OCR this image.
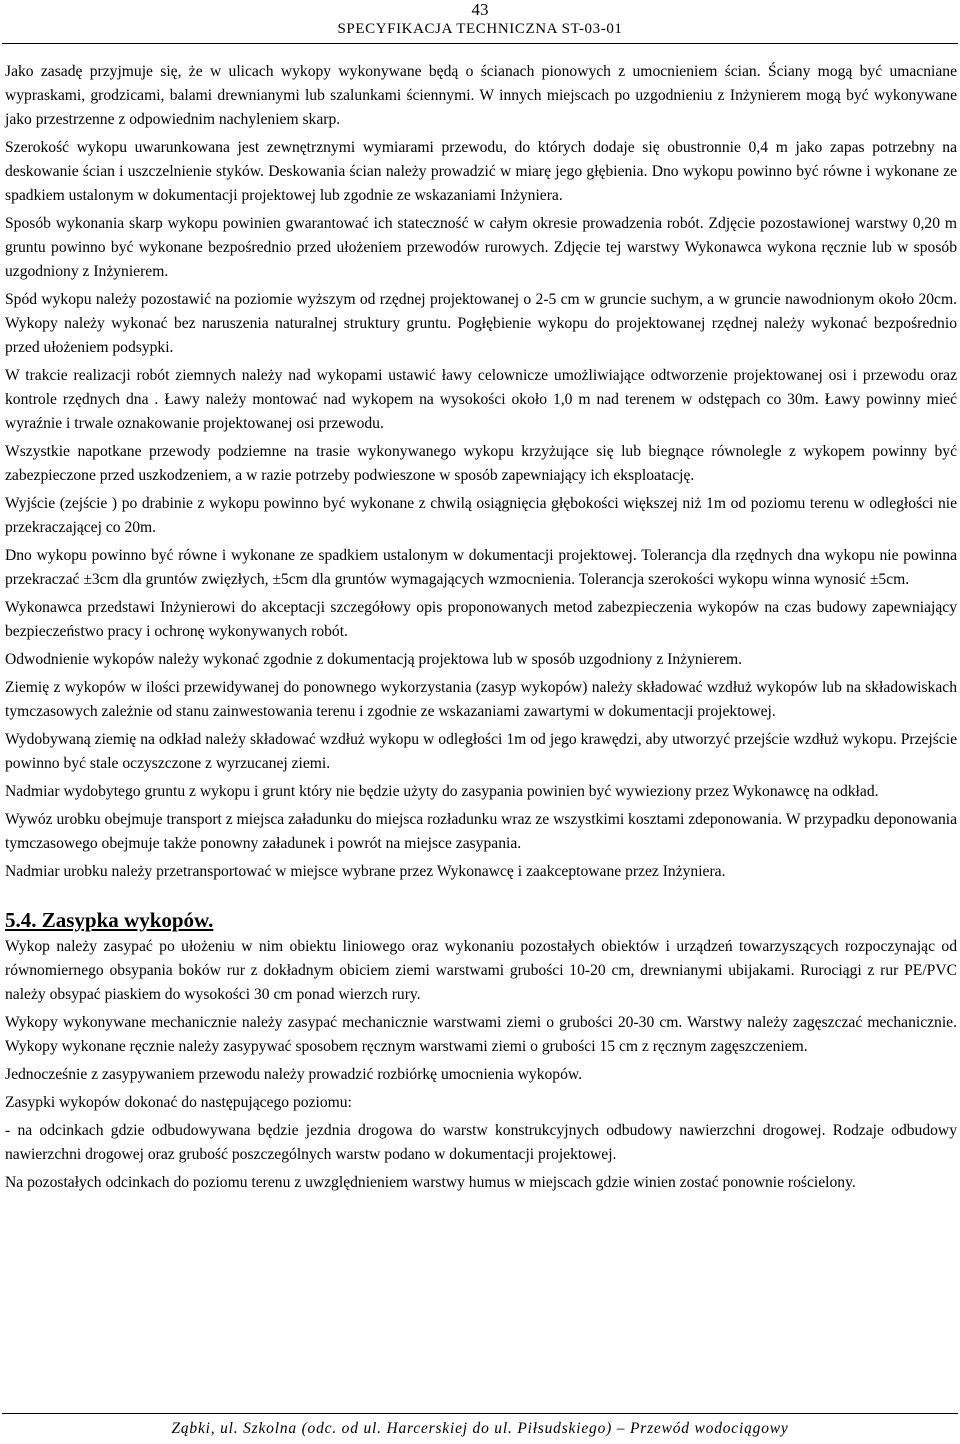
43
SPECYFIKACJA TECHNICZNA ST-03-01

Jako zasadę przyjmuje się, że w ulicach wykopy wykonywane będą o ścianach pionowych z umocnieniem ścian. Ściany mogą być umacniane wypraskami, grodzicami, balami drewnianymi lub szalunkami ściennymi. W innych miejscach po uzgodnieniu z Inżynierem mogą być wykonywane jako przestrzenne z odpowiednim nachyleniem skarp.

Szerokość wykopu uwarunkowana jest zewnętrznymi wymiarami przewodu, do których dodaje się obustronnie 0,4 m jako zapas potrzebny na deskowanie ścian i uszczelnienie styków. Deskowania ścian należy prowadzić w miarę jego głębienia. Dno wykopu powinno być równe i wykonane ze spadkiem ustalonym w dokumentacji projektowej lub zgodnie ze wskazaniami Inżyniera.

Sposób wykonania skarp wykopu powinien gwarantować ich stateczność w całym okresie prowadzenia robót. Zdjęcie pozostawionej warstwy 0,20 m gruntu powinno być wykonane bezpośrednio przed ułożeniem przewodów rurowych. Zdjęcie tej warstwy Wykonawca wykona ręcznie lub w sposób uzgodniony z Inżynierem.

Spód wykopu należy pozostawić na poziomie wyższym od rzędnej projektowanej o 2-5 cm w gruncie suchym, a w gruncie nawodnionym około 20cm. Wykopy należy wykonać bez naruszenia naturalnej struktury gruntu. Pogłębienie wykopu do projektowanej rzędnej należy wykonać bezpośrednio przed ułożeniem podsypki.

W trakcie realizacji robót ziemnych należy nad wykopami ustawić ławy celownicze umożliwiające odtworzenie projektowanej osi i przewodu oraz kontrole rzędnych dna . Ławy należy montować nad wykopem na wysokości około 1,0 m nad terenem w odstępach co 30m. Ławy powinny mieć wyraźnie i trwale oznakowanie projektowanej osi przewodu.

Wszystkie napotkane przewody podziemne na trasie wykonywanego wykopu krzyżujące się lub biegnące równolegle z wykopem powinny być zabezpieczone przed uszkodzeniem, a w razie potrzeby podwieszone w sposób zapewniający ich eksploatację.

Wyjście (zejście ) po drabinie z wykopu powinno być wykonane z chwilą osiągnięcia głębokości większej niż 1m od poziomu terenu w odległości nie przekraczającej co 20m.

Dno wykopu powinno być równe i wykonane ze spadkiem ustalonym w dokumentacji projektowej. Tolerancja dla rzędnych dna wykopu nie powinna przekraczać ±3cm dla gruntów zwięzłych, ±5cm dla gruntów wymagających wzmocnienia. Tolerancja szerokości wykopu winna wynosić ±5cm.

Wykonawca przedstawi Inżynierowi do akceptacji szczegółowy opis proponowanych metod zabezpieczenia wykopów na czas budowy zapewniający bezpieczeństwo pracy i ochronę wykonywanych robót.

Odwodnienie wykopów należy wykonać zgodnie z dokumentacją projektowa lub w sposób uzgodniony z Inżynierem.

Ziemię z wykopów w ilości przewidywanej do ponownego wykorzystania (zasyp wykopów) należy składować wzdłuż wykopów lub na składowiskach tymczasowych zależnie od stanu zainwestowania terenu i zgodnie ze wskazaniami zawartymi w dokumentacji projektowej.

Wydobywaną ziemię na odkład należy składować wzdłuż wykopu w odległości 1m od jego krawędzi, aby utworzyć przejście wzdłuż wykopu. Przejście powinno być stale oczyszczone z wyrzucanej ziemi.

Nadmiar wydobytego gruntu z wykopu i grunt który nie będzie użyty do zasypania powinien być wywieziony przez Wykonawcę na odkład.

Wywóz urobku obejmuje transport z miejsca załadunku do miejsca rozładunku wraz ze wszystkimi kosztami zdeponowania. W przypadku deponowania tymczasowego obejmuje także ponowny załadunek i powrót na miejsce zasypania.

Nadmiar urobku należy przetransportować w miejsce wybrane przez Wykonawcę i zaakceptowane przez Inżyniera.

5.4. Zasypka wykopów.

Wykop należy zasypać po ułożeniu w nim obiektu liniowego oraz wykonaniu pozostałych obiektów i urządzeń towarzyszących rozpoczynając od równomiernego obsypania boków rur z dokładnym obiciem ziemi warstwami grubości 10-20 cm, drewnianymi ubijakami. Rurociągi z rur PE/PVC należy obsypać piaskiem do wysokości 30 cm ponad wierzch rury.

Wykopy wykonywane mechanicznie należy zasypać mechanicznie warstwami ziemi o grubości 20-30 cm. Warstwy należy zagęszczać mechanicznie. Wykopy wykonane ręcznie należy zasypywać sposobem ręcznym warstwami ziemi o grubości 15 cm z ręcznym zagęszczeniem.

Jednocześnie z zasypywaniem przewodu należy prowadzić rozbiórkę umocnienia wykopów.

Zasypki wykopów dokonać do następującego poziomu:

- na odcinkach gdzie odbudowywana będzie jezdnia drogowa do warstw konstrukcyjnych odbudowy nawierzchni drogowej. Rodzaje odbudowy nawierzchni drogowej oraz grubość poszczególnych warstw podano w dokumentacji projektowej.

Na pozostałych odcinkach do poziomu terenu z uwzględnieniem warstwy humus w miejscach gdzie winien zostać ponownie rościelony.

Ząbki, ul. Szkolna (odc. od ul. Harcerskiej do ul. Piłsudskiego) – Przewód wodociągowy
